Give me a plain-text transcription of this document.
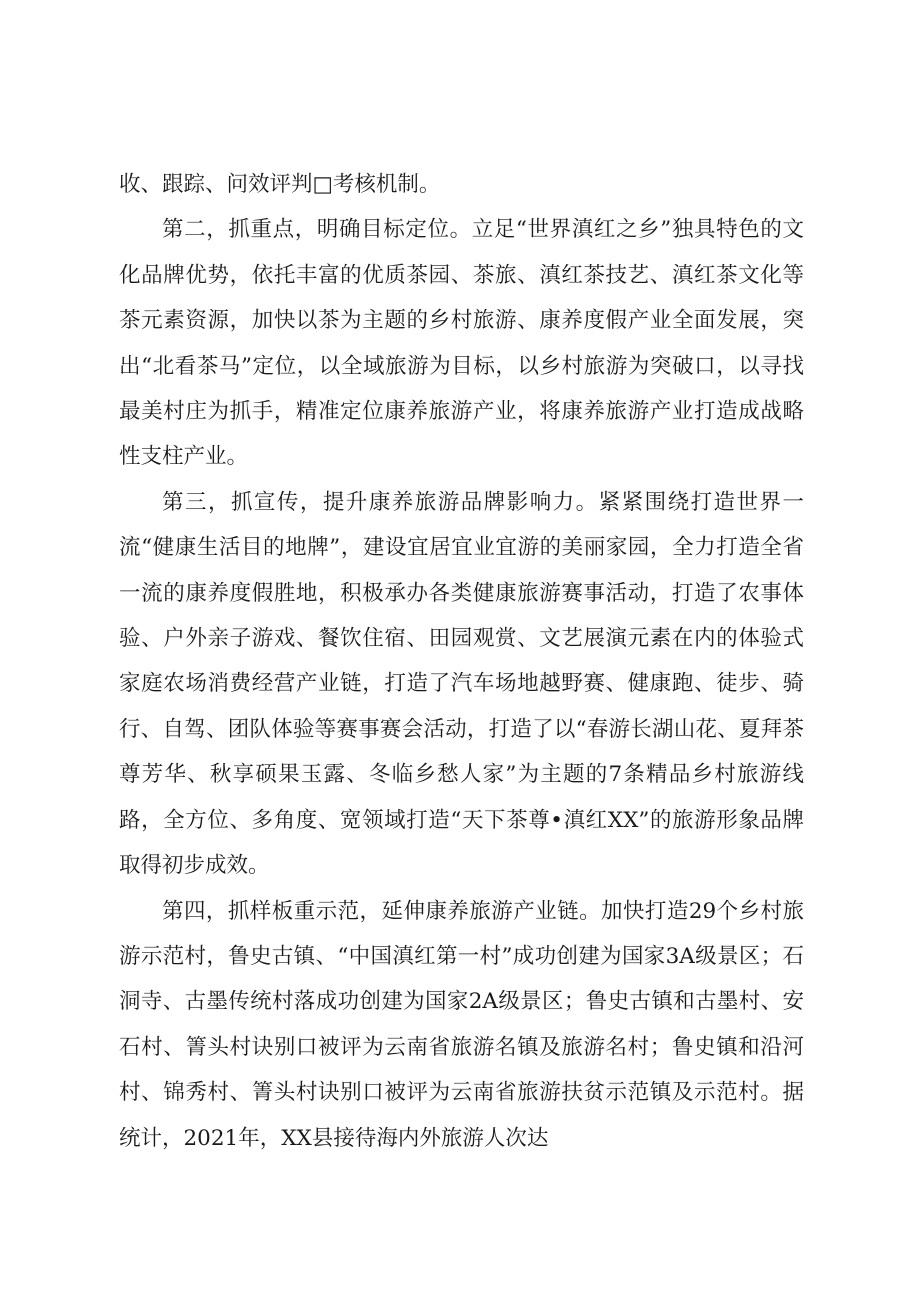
收、跟踪、问效评判□考核机制。

第二，抓重点，明确目标定位。立足“世界滇红之乡”独具特色的文化品牌优势，依托丰富的优质茶园、茶旅、滇红茶技艺、滇红茶文化等茶元素资源，加快以茶为主题的乡村旅游、康养度假产业全面发展，突出“北看茶马”定位，以全域旅游为目标，以乡村旅游为突破口，以寻找最美村庄为抓手，精准定位康养旅游产业，将康养旅游产业打造成战略性支柱产业。

第三，抓宣传，提升康养旅游品牌影响力。紧紧围绕打造世界一流“健康生活目的地牌”，建设宜居宜业宜游的美丽家园，全力打造全省一流的康养度假胜地，积极承办各类健康旅游赛事活动，打造了农事体验、户外亲子游戏、餐饮住宿、田园观赏、文艺展演元素在内的体验式家庭农场消费经营产业链，打造了汽车场地越野赛、健康跑、徒步、骑行、自驾、团队体验等赛事赛会活动，打造了以“春游长湖山花、夏拜茶尊芳华、秋享硕果玉露、冬临乡愁人家”为主题的7条精品乡村旅游线路，全方位、多角度、宽领域打造“天下茶尊•滇红XX”的旅游形象品牌取得初步成效。

第四，抓样板重示范，延伸康养旅游产业链。加快打造29个乡村旅游示范村，鲁史古镇、“中国滇红第一村”成功创建为国家3A级景区；石洞寺、古墨传统村落成功创建为国家2A级景区；鲁史古镇和古墨村、安石村、箐头村诀别口被评为云南省旅游名镇及旅游名村；鲁史镇和沿河村、锦秀村、箐头村诀别口被评为云南省旅游扶贫示范镇及示范村。据统计，2021年，XX县接待海内外旅游人次达
